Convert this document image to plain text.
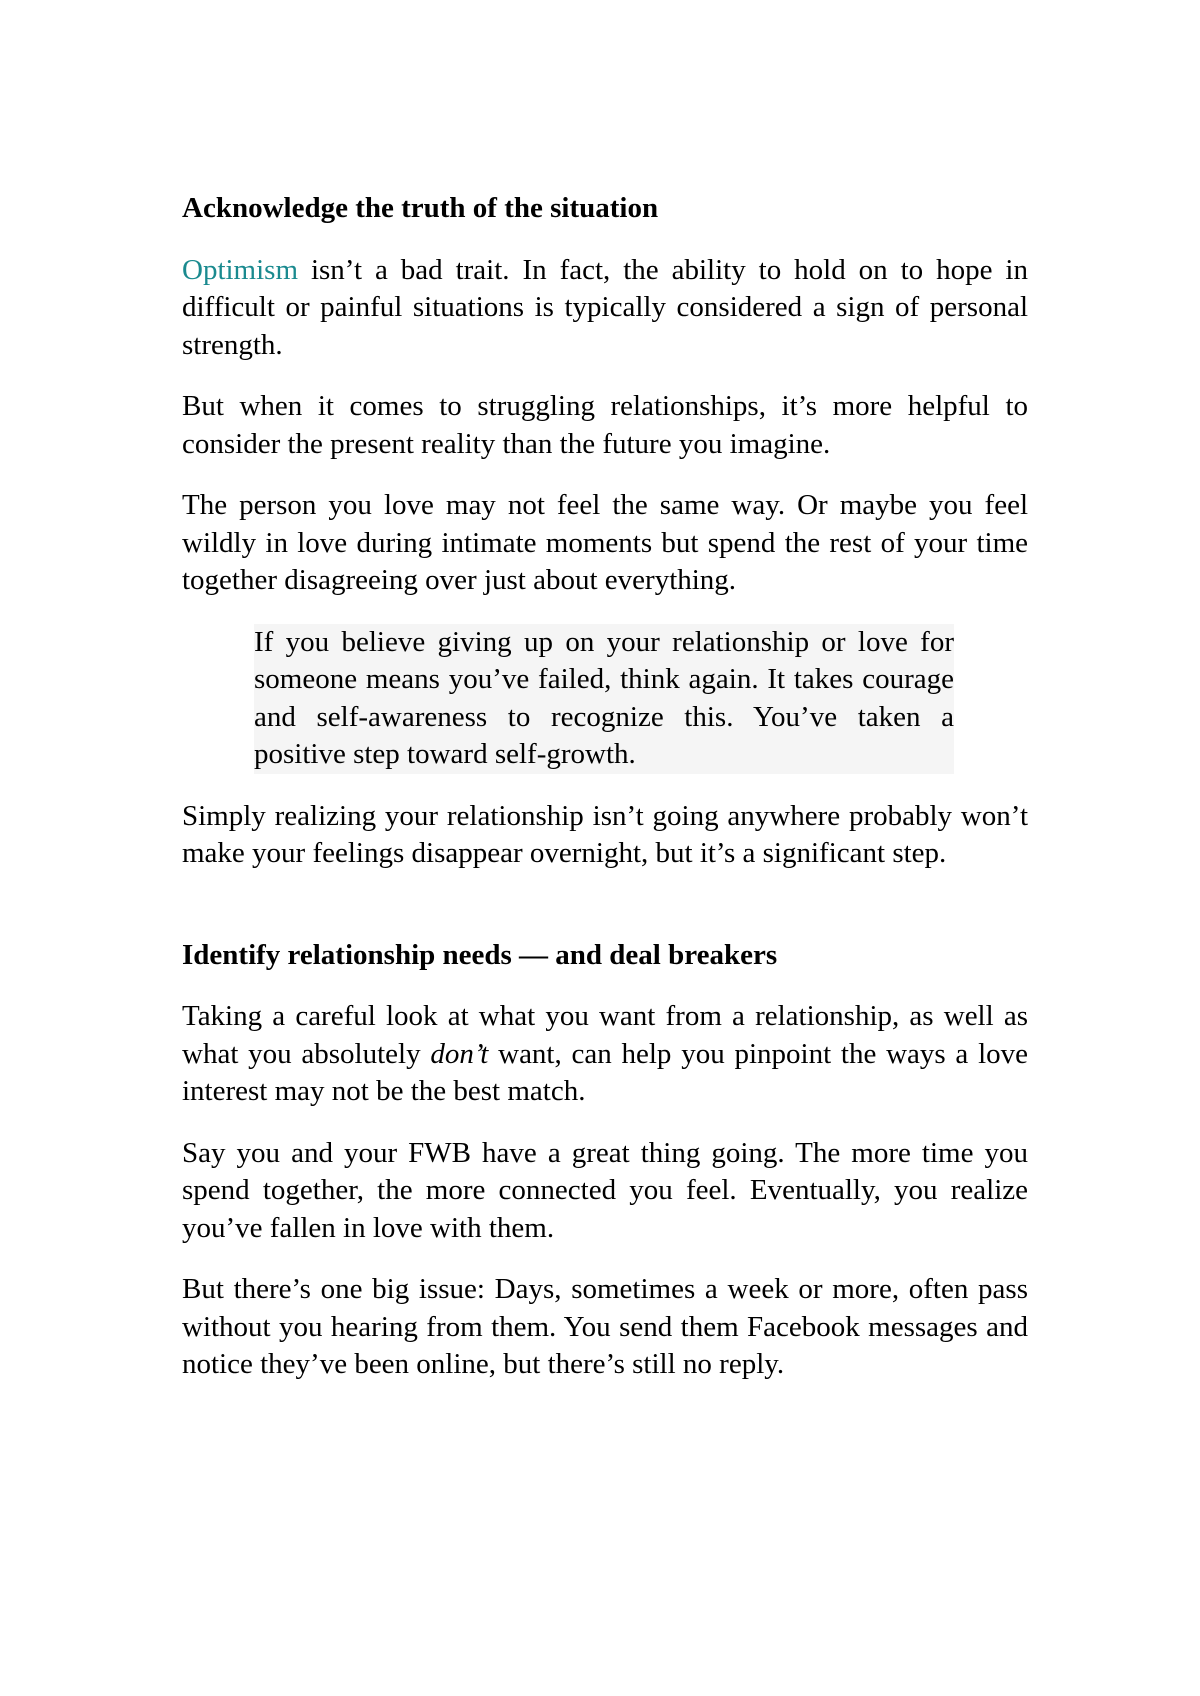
Acknowledge the truth of the situation

Optimism isn’t a bad trait. In fact, the ability to hold on to hope in difficult or painful situations is typically considered a sign of personal strength.

But when it comes to struggling relationships, it’s more helpful to consider the present reality than the future you imagine.

The person you love may not feel the same way. Or maybe you feel wildly in love during intimate moments but spend the rest of your time together disagreeing over just about everything.

If you believe giving up on your relationship or love for someone means you’ve failed, think again. It takes courage and self-awareness to recognize this. You’ve taken a positive step toward self-growth.

Simply realizing your relationship isn’t going anywhere probably won’t make your feelings disappear overnight, but it’s a significant step.

Identify relationship needs — and deal breakers

Taking a careful look at what you want from a relationship, as well as what you absolutely don’t want, can help you pinpoint the ways a love interest may not be the best match.

Say you and your FWB have a great thing going. The more time you spend together, the more connected you feel. Eventually, you realize you’ve fallen in love with them.

But there’s one big issue: Days, sometimes a week or more, often pass without you hearing from them. You send them Facebook messages and notice they’ve been online, but there’s still no reply.
